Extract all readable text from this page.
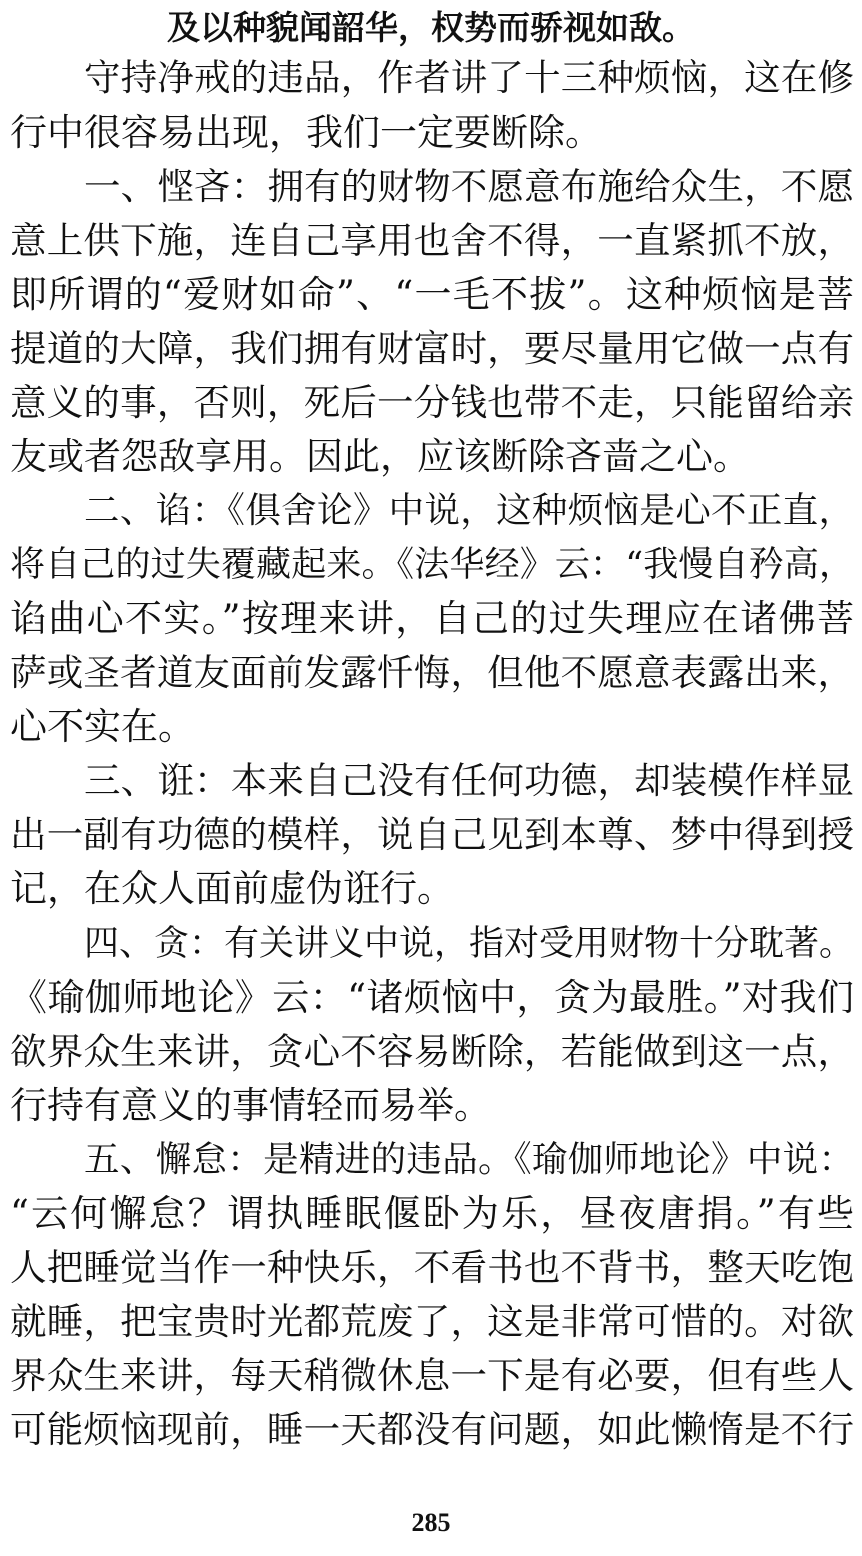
及以种貌闻韶华，权势而骄视如敌。
守持净戒的违品，作者讲了十三种烦恼，这在修
行中很容易出现，我们一定要断除。
一、悭吝：拥有的财物不愿意布施给众生，不愿
意上供下施，连自己享用也舍不得，一直紧抓不放，
即所谓的“爱财如命”、“一毛不拔”。这种烦恼是菩
提道的大障，我们拥有财富时，要尽量用它做一点有
意义的事，否则，死后一分钱也带不走，只能留给亲
友或者怨敌享用。因此，应该断除吝啬之心。
二、谄：《俱舍论》中说，这种烦恼是心不正直，
将自己的过失覆藏起来。《法华经》云：“我慢自矜高，
谄曲心不实。”按理来讲，自己的过失理应在诸佛菩
萨或圣者道友面前发露忏悔，但他不愿意表露出来，
心不实在。
三、诳：本来自己没有任何功德，却装模作样显
出一副有功德的模样，说自己见到本尊、梦中得到授
记，在众人面前虚伪诳行。
四、贪：有关讲义中说，指对受用财物十分耽著。
《瑜伽师地论》云：“诸烦恼中，贪为最胜。”对我们
欲界众生来讲，贪心不容易断除，若能做到这一点，
行持有意义的事情轻而易举。
五、懈怠：是精进的违品。《瑜伽师地论》中说：
“云何懈怠？谓执睡眠偃卧为乐，昼夜唐捐。”有些
人把睡觉当作一种快乐，不看书也不背书，整天吃饱
就睡，把宝贵时光都荒废了，这是非常可惜的。对欲
界众生来讲，每天稍微休息一下是有必要，但有些人
可能烦恼现前，睡一天都没有问题，如此懒惰是不行
285
